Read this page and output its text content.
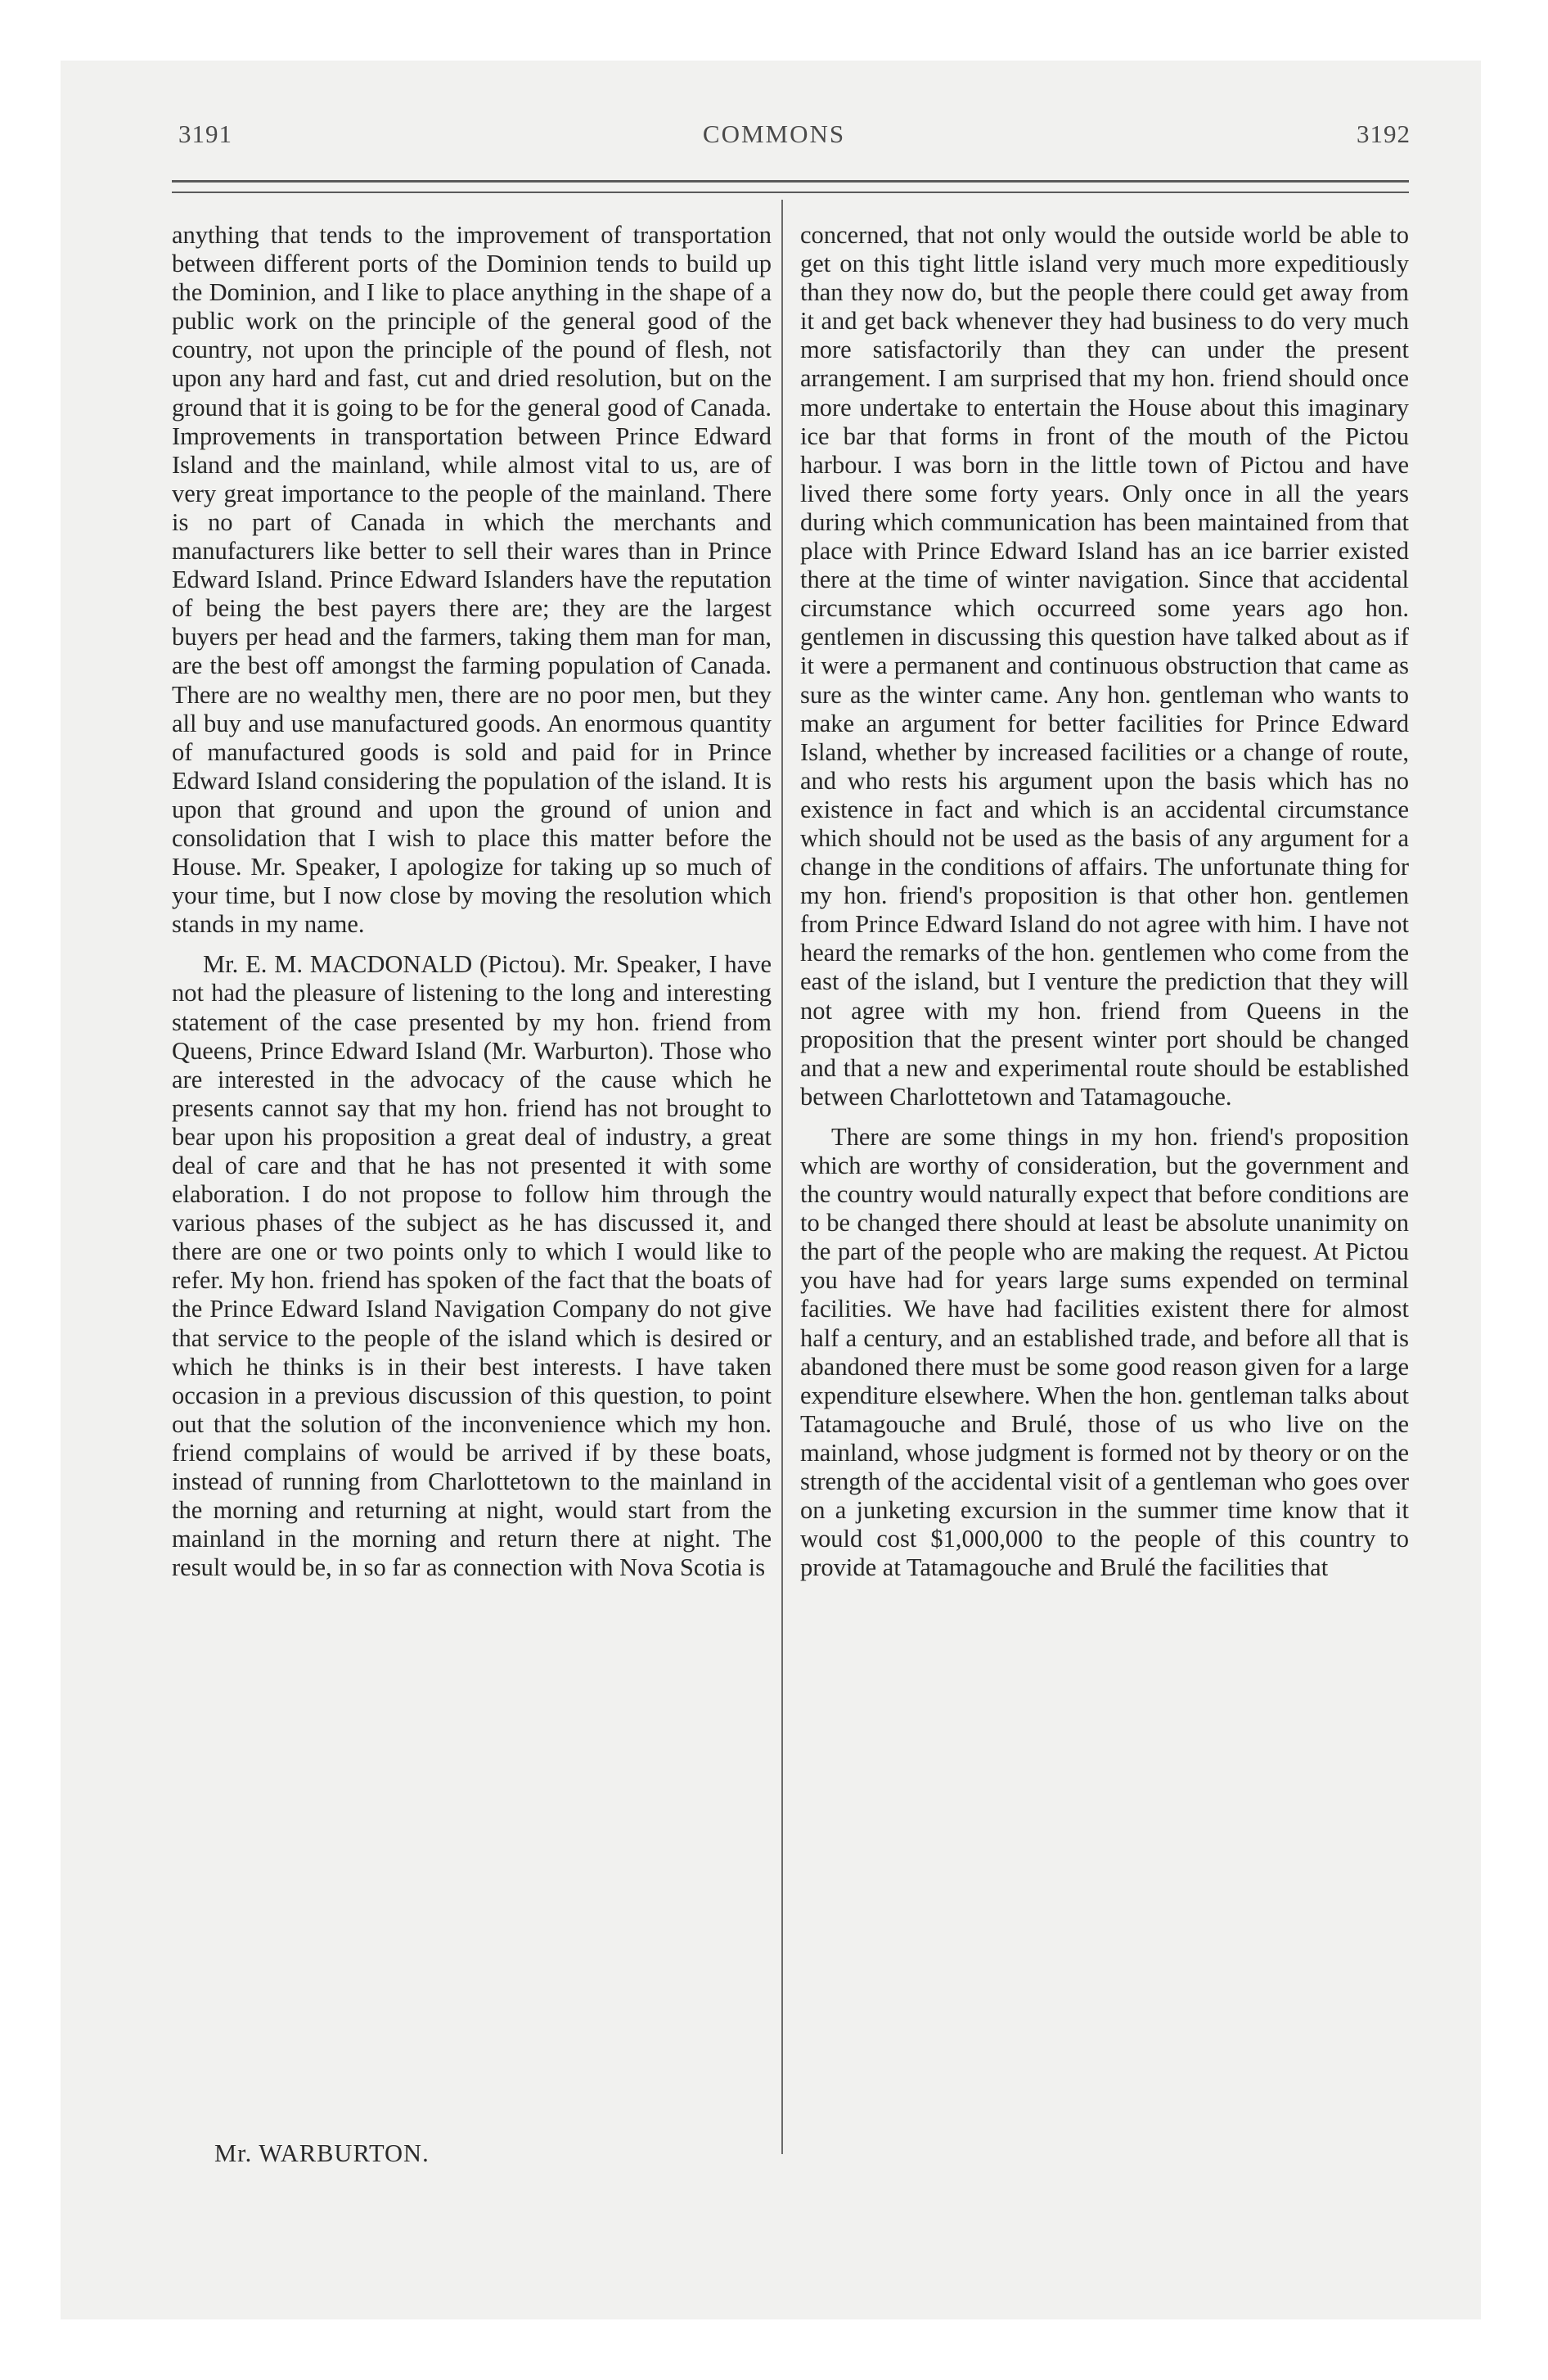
3191	COMMONS	3192

anything that tends to the improvement of transportation between different ports of the Dominion tends to build up the Dominion, and I like to place anything in the shape of a public work on the principle of the general good of the country, not upon the principle of the pound of flesh, not upon any hard and fast, cut and dried resolution, but on the ground that it is going to be for the general good of Canada. Improvements in transportation between Prince Edward Island and the mainland, while almost vital to us, are of very great importance to the people of the mainland. There is no part of Canada in which the merchants and manufacturers like better to sell their wares than in Prince Edward Island. Prince Edward Islanders have the reputation of being the best payers there are; they are the largest buyers per head and the farmers, taking them man for man, are the best off amongst the farming population of Canada. There are no wealthy men, there are no poor men, but they all buy and use manufactured goods. An enormous quantity of manufactured goods is sold and paid for in Prince Edward Island considering the population of the island. It is upon that ground and upon the ground of union and consolidation that I wish to place this matter before the House. Mr. Speaker, I apologize for taking up so much of your time, but I now close by moving the resolution which stands in my name.

Mr. E. M. MACDONALD (Pictou). Mr. Speaker, I have not had the pleasure of listening to the long and interesting statement of the case presented by my hon. friend from Queens, Prince Edward Island (Mr. Warburton). Those who are interested in the advocacy of the cause which he presents cannot say that my hon. friend has not brought to bear upon his proposition a great deal of industry, a great deal of care and that he has not presented it with some elaboration. I do not propose to follow him through the various phases of the subject as he has discussed it, and there are one or two points only to which I would like to refer. My hon. friend has spoken of the fact that the boats of the Prince Edward Island Navigation Company do not give that service to the people of the island which is desired or which he thinks is in their best interests. I have taken occasion in a previous discussion of this question, to point out that the solution of the inconvenience which my hon. friend complains of would be arrived if by these boats, instead of running from Charlottetown to the mainland in the morning and returning at night, would start from the mainland in the morning and return there at night. The result would be, in so far as connection with Nova Scotia is

Mr. WARBURTON.

concerned, that not only would the outside world be able to get on this tight little island very much more expeditiously than they now do, but the people there could get away from it and get back whenever they had business to do very much more satisfactorily than they can under the present arrangement. I am surprised that my hon. friend should once more undertake to entertain the House about this imaginary ice bar that forms in front of the mouth of the Pictou harbour. I was born in the little town of Pictou and have lived there some forty years. Only once in all the years during which communication has been maintained from that place with Prince Edward Island has an ice barrier existed there at the time of winter navigation. Since that accidental circumstance which occurreed some years ago hon. gentlemen in discussing this question have talked about as if it were a permanent and continuous obstruction that came as sure as the winter came. Any hon. gentleman who wants to make an argument for better facilities for Prince Edward Island, whether by increased facilities or a change of route, and who rests his argument upon the basis which has no existence in fact and which is an accidental circumstance which should not be used as the basis of any argument for a change in the conditions of affairs. The unfortunate thing for my hon. friend's proposition is that other hon. gentlemen from Prince Edward Island do not agree with him. I have not heard the remarks of the hon. gentlemen who come from the east of the island, but I venture the prediction that they will not agree with my hon. friend from Queens in the proposition that the present winter port should be changed and that a new and experimental route should be established between Charlottetown and Tatamagouche.

There are some things in my hon. friend's proposition which are worthy of consideration, but the government and the country would naturally expect that before conditions are to be changed there should at least be absolute unanimity on the part of the people who are making the request. At Pictou you have had for years large sums expended on terminal facilities. We have had facilities existent there for almost half a century, and an established trade, and before all that is abandoned there must be some good reason given for a large expenditure elsewhere. When the hon. gentleman talks about Tatamagouche and Brulé, those of us who live on the mainland, whose judgment is formed not by theory or on the strength of the accidental visit of a gentleman who goes over on a junketing excursion in the summer time know that it would cost $1,000,000 to the people of this country to provide at Tatamagouche and Brulé the facilities that
